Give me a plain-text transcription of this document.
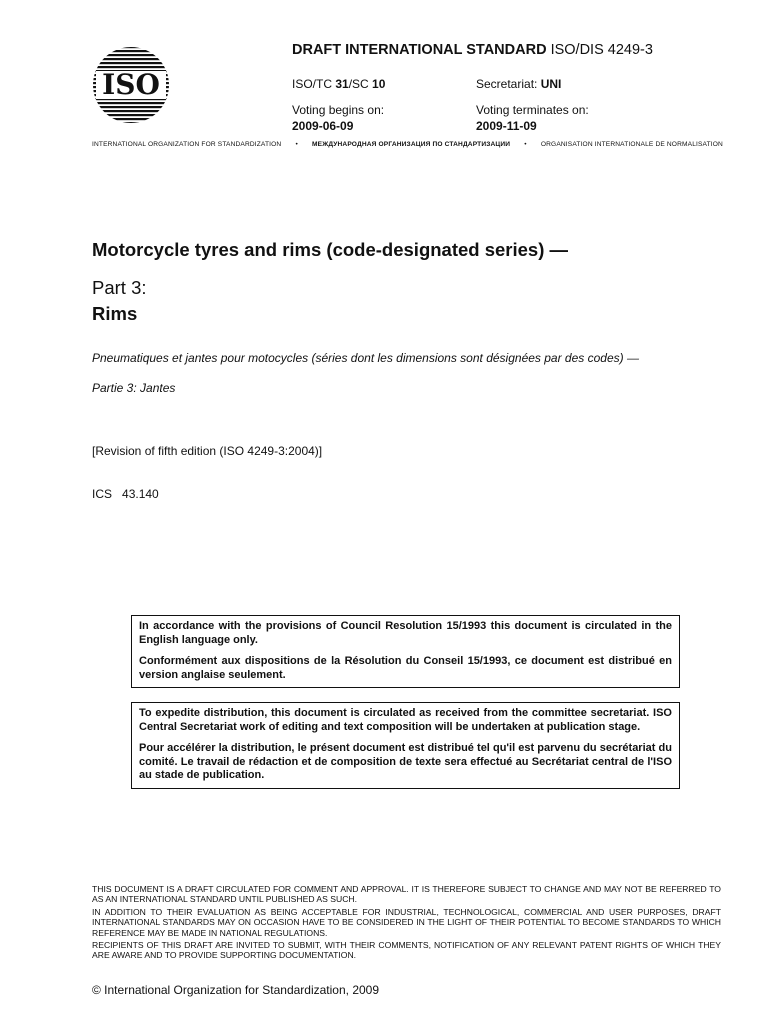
ISO
DRAFT INTERNATIONAL STANDARD ISO/DIS 4249-3
ISO/TC 31/SC 10	Secretariat: UNI
Voting begins on:
2009-06-09
Voting terminates on:
2009-11-09
INTERNATIONAL ORGANIZATION FOR STANDARDIZATION • МЕЖДУНАРОДНАЯ ОРГАНИЗАЦИЯ ПО СТАНДАРТИЗАЦИИ • ORGANISATION INTERNATIONALE DE NORMALISATION
Motorcycle tyres and rims (code-designated series) —
Part 3:
Rims
Pneumatiques et jantes pour motocycles (séries dont les dimensions sont désignées par des codes) —
Partie 3: Jantes
[Revision of fifth edition (ISO 4249-3:2004)]
ICS 43.140

In accordance with the provisions of Council Resolution 15/1993 this document is circulated in the English language only.

Conformément aux dispositions de la Résolution du Conseil 15/1993, ce document est distribué en version anglaise seulement.

To expedite distribution, this document is circulated as received from the committee secretariat. ISO Central Secretariat work of editing and text composition will be undertaken at publication stage.

Pour accélérer la distribution, le présent document est distribué tel qu'il est parvenu du secrétariat du comité. Le travail de rédaction et de composition de texte sera effectué au Secrétariat central de l'ISO au stade de publication.

THIS DOCUMENT IS A DRAFT CIRCULATED FOR COMMENT AND APPROVAL. IT IS THEREFORE SUBJECT TO CHANGE AND MAY NOT BE REFERRED TO AS AN INTERNATIONAL STANDARD UNTIL PUBLISHED AS SUCH.

IN ADDITION TO THEIR EVALUATION AS BEING ACCEPTABLE FOR INDUSTRIAL, TECHNOLOGICAL, COMMERCIAL AND USER PURPOSES, DRAFT INTERNATIONAL STANDARDS MAY ON OCCASION HAVE TO BE CONSIDERED IN THE LIGHT OF THEIR POTENTIAL TO BECOME STANDARDS TO WHICH REFERENCE MAY BE MADE IN NATIONAL REGULATIONS.

RECIPIENTS OF THIS DRAFT ARE INVITED TO SUBMIT, WITH THEIR COMMENTS, NOTIFICATION OF ANY RELEVANT PATENT RIGHTS OF WHICH THEY ARE AWARE AND TO PROVIDE SUPPORTING DOCUMENTATION.

© International Organization for Standardization, 2009
